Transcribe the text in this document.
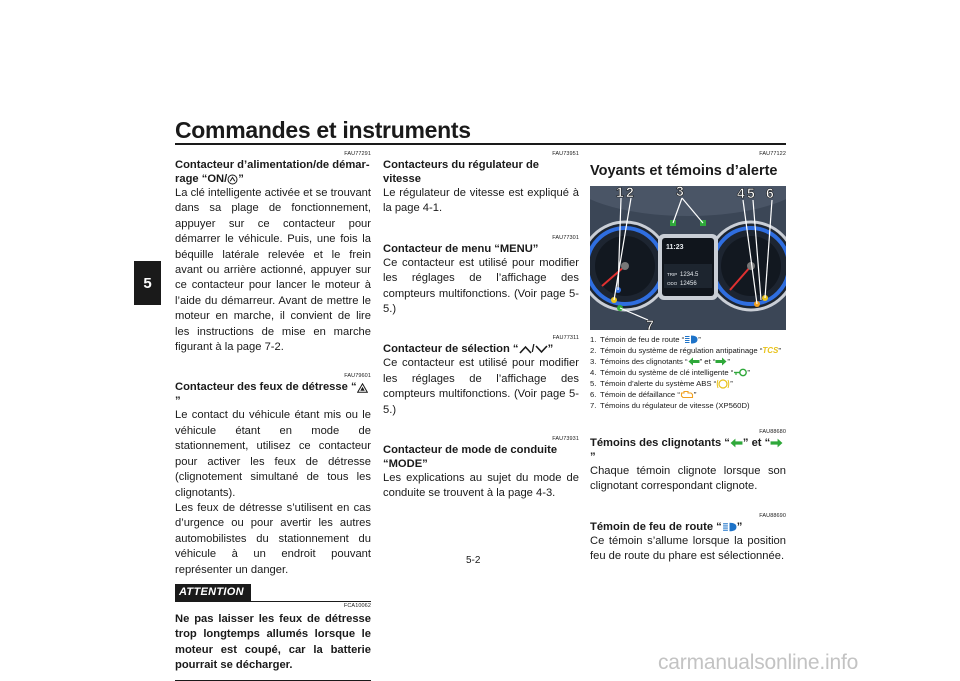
Commandes et instruments
5
FAU77291
Contacteur d’alimentation/de démar-
rage “ON/ ”
La clé intelligente activée et se trouvant dans sa plage de fonctionnement, appuyer sur ce contacteur pour démarrer le véhicule. Puis, une fois la béquille latérale relevée et le frein avant ou arrière actionné, appuyer sur ce contacteur pour lancer le moteur à l’aide du démarreur. Avant de mettre le moteur en marche, il convient de lire les instructions de mise en marche figurant à la page 7-2.
FAU79601
Contacteur des feux de détresse “”
Le contact du véhicule étant mis ou le véhicule étant en mode de stationnement, utilisez ce contacteur pour activer les feux de détresse (clignotement simultané de tous les clignotants).
Les feux de détresse s’utilisent en cas d’urgence ou pour avertir les autres automobilistes du stationnement du véhicule à un endroit pouvant représenter un danger.
ATTENTION
FCA10062
Ne pas laisser les feux de détresse trop longtemps allumés lorsque le moteur est coupé, car la batterie pourrait se décharger.
FAU73951
Contacteurs du régulateur de vitesse
Le régulateur de vitesse est expliqué à la page 4-1.
FAU77301
Contacteur de menu “MENU”
Ce contacteur est utilisé pour modifier les réglages de l’affichage des compteurs multifonctions. (Voir page 5-5.)
FAU77311
Contacteur de sélection “ / ”
Ce contacteur est utilisé pour modifier les réglages de l’affichage des compteurs multifonctions. (Voir page 5-5.)
FAU73931
Contacteur de mode de conduite “MODE”
Les explications au sujet du mode de conduite se trouvent à la page 4-3.
FAU77122
Voyants et témoins d’alerte
1 2	3	4 5 6
7
11:23
TRIP 1234.5
ODO 12456
1. Témoin de feu de route “ ”
2. Témoin du système de régulation antipatinage “TCS”
3. Témoins des clignotants “ ” et “ ”
4. Témoin du système de clé intelligente “ ”
5. Témoin d’alerte du système ABS “ ”
6. Témoin de défaillance “ ”
7. Témoins du régulateur de vitesse (XP560D)
FAU88680
Témoins des clignotants “ ” et “”
Chaque témoin clignote lorsque son clignotant correspondant clignote.
FAU88690
Témoin de feu de route “ ”
Ce témoin s’allume lorsque la position feu de route du phare est sélectionnée.
5-2
carmanualsonline.info
